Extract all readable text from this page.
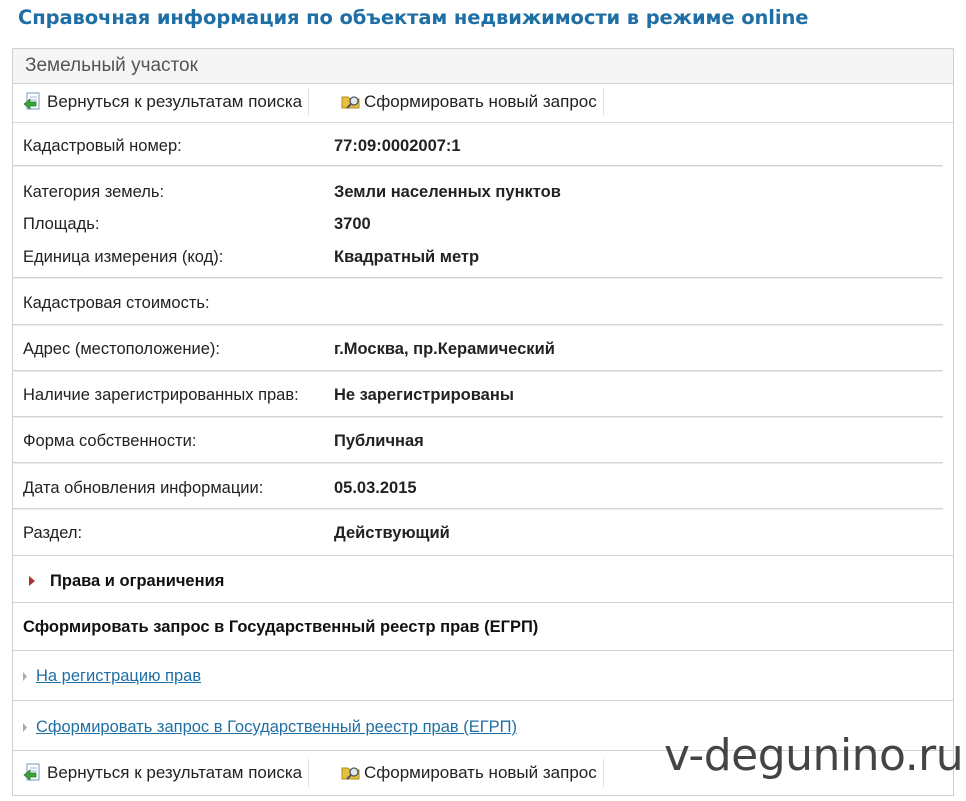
Справочная информация по объектам недвижимости в режиме online
Земельный участок
Вернуться к результатам поиска	Сформировать новый запрос
Кадастровый номер:	77:09:0002007:1
Категория земель:	Земли населенных пунктов
Площадь:	3700
Единица измерения (код):	Квадратный метр
Кадастровая стоимость:
Адрес (местоположение):	г.Москва, пр.Керамический
Наличие зарегистрированных прав: Не зарегистрированы
Форма собственности:	Публичная
Дата обновления информации:	05.03.2015
Раздел:	Действующий
Права и ограничения
Сформировать запрос в Государственный реестр прав (ЕГРП)
На регистрацию прав
Сформировать запрос в Государственный реестр прав (ЕГРП)
Вернуться к результатам поиска	Сформировать новый запрос v-degunino.ru
